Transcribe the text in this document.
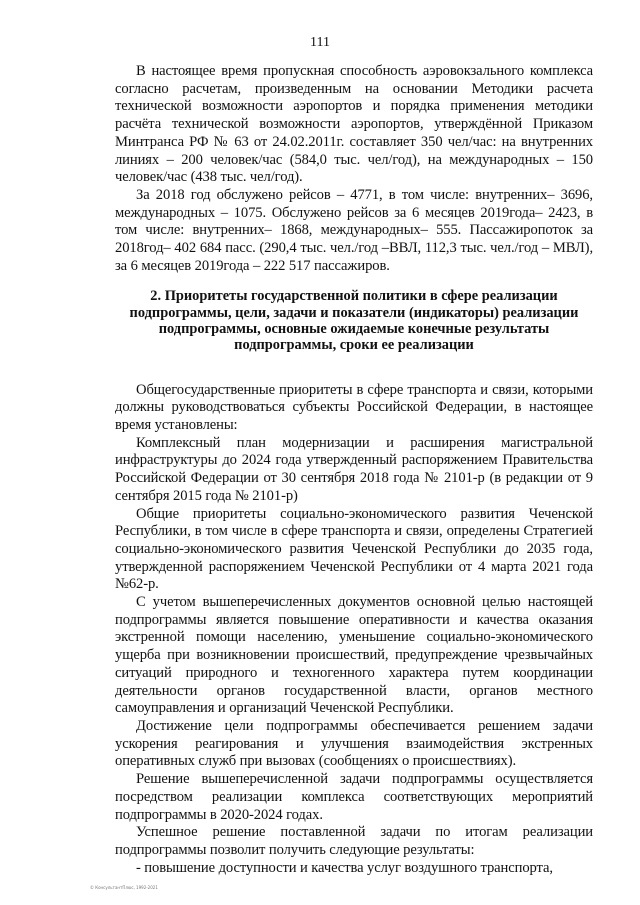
111

В настоящее время пропускная способность аэровокзального комплекса согласно расчетам, произведенным на основании Методики расчета технической возможности аэропортов и порядка применения методики расчёта технической возможности аэропортов, утверждённой Приказом Минтранса РФ № 63 от 24.02.2011г. составляет 350 чел/час: на внутренних линиях – 200 человек/час (584,0 тыс. чел/год), на международных – 150 человек/час (438 тыс. чел/год).

За 2018 год обслужено рейсов – 4771, в том числе: внутренних– 3696, международных – 1075. Обслужено рейсов за 6 месяцев 2019года– 2423, в том числе: внутренних– 1868, международных– 555. Пассажиропоток за 2018год– 402 684 пасс. (290,4 тыс. чел./год –ВВЛ, 112,3 тыс. чел./год – МВЛ), за 6 месяцев 2019года – 222 517 пассажиров.

2. Приоритеты государственной политики в сфере реализации подпрограммы, цели, задачи и показатели (индикаторы) реализации подпрограммы, основные ожидаемые конечные результаты подпрограммы, сроки ее реализации

Общегосударственные приоритеты в сфере транспорта и связи, которыми должны руководствоваться субъекты Российской Федерации, в настоящее время установлены:

Комплексный план модернизации и расширения магистральной инфраструктуры до 2024 года утвержденный распоряжением Правительства Российской Федерации от 30 сентября 2018 года № 2101-р (в редакции от 9 сентября 2015 года № 2101-р)

Общие приоритеты социально-экономического развития Чеченской Республики, в том числе в сфере транспорта и связи, определены Стратегией социально-экономического развития Чеченской Республики до 2035 года, утвержденной распоряжением Чеченской Республики от 4 марта 2021 года №62-р.

С учетом вышеперечисленных документов основной целью настоящей подпрограммы является повышение оперативности и качества оказания экстренной помощи населению, уменьшение социально-экономического ущерба при возникновении происшествий, предупреждение чрезвычайных ситуаций природного и техногенного характера путем координации деятельности органов государственной власти, органов местного самоуправления и организаций Чеченской Республики.

Достижение цели подпрограммы обеспечивается решением задачи ускорения реагирования и улучшения взаимодействия экстренных оперативных служб при вызовах (сообщениях о происшествиях).

Решение вышеперечисленной задачи подпрограммы осуществляется посредством реализации комплекса соответствующих мероприятий подпрограммы в 2020-2024 годах.

Успешное решение поставленной задачи по итогам реализации подпрограммы позволит получить следующие результаты:

- повышение доступности и качества услуг воздушного транспорта,

© КонсультантПлюс, 1992-2021
